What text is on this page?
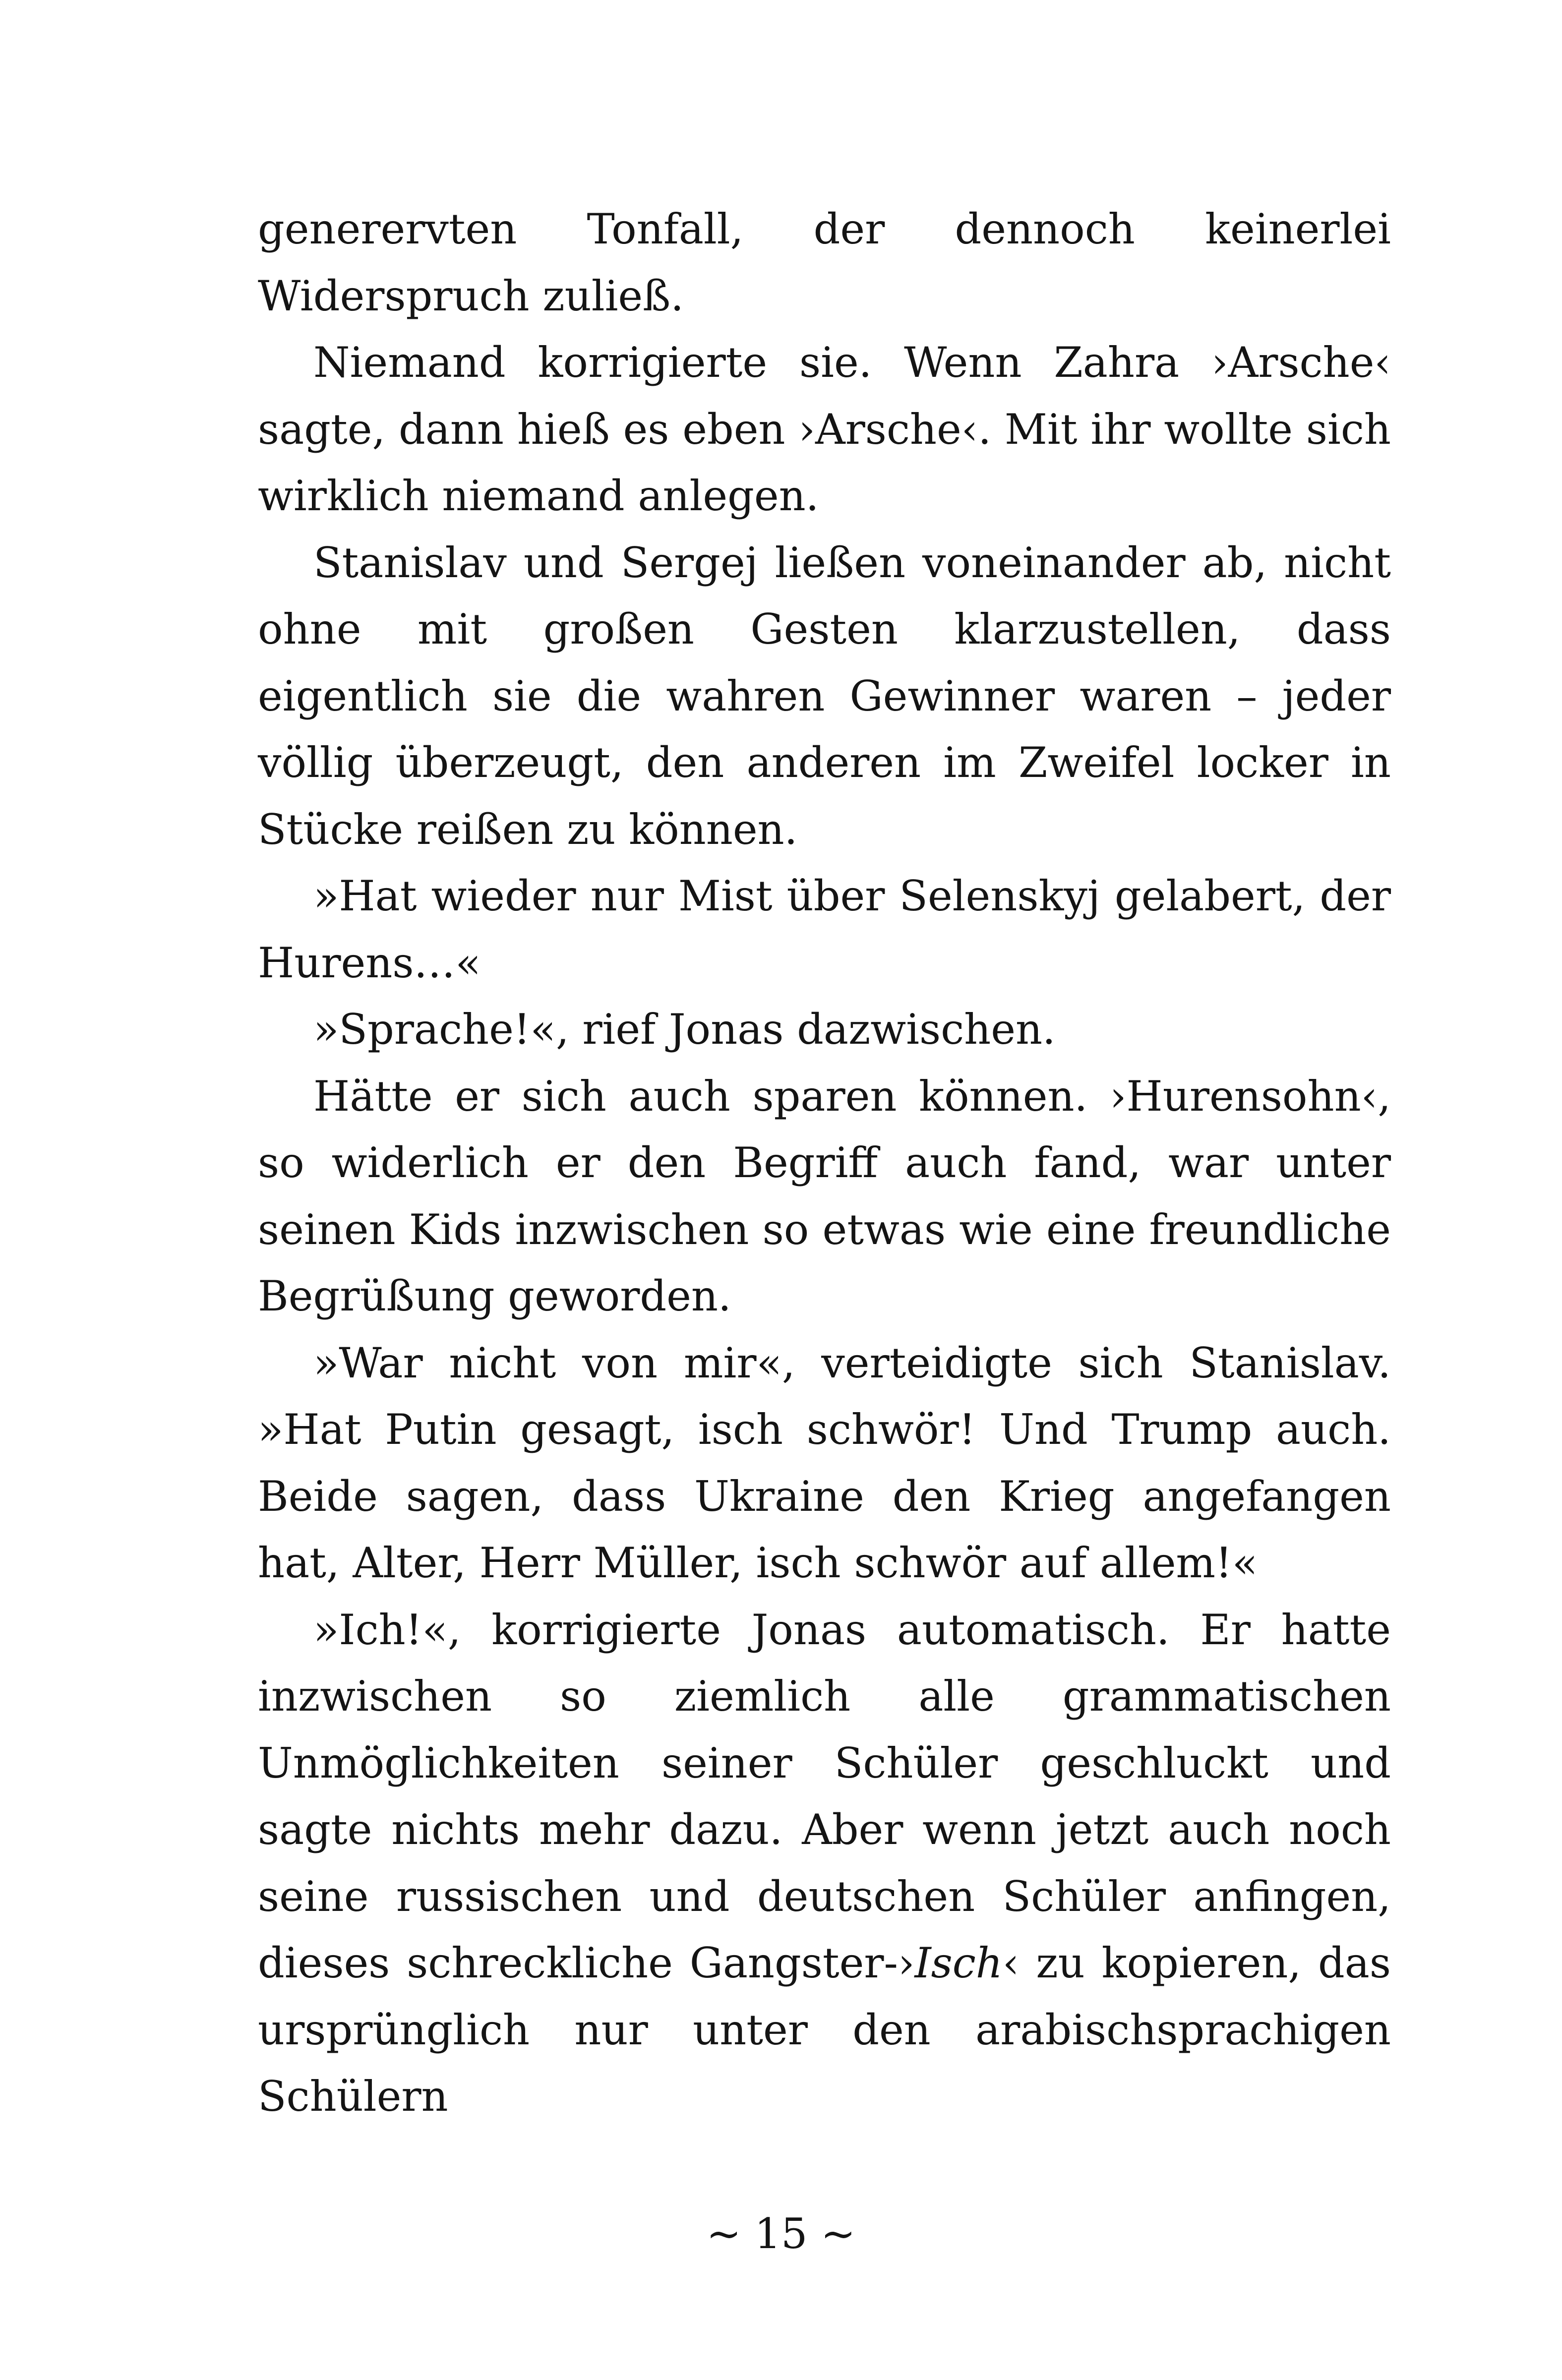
generervten Tonfall, der dennoch keinerlei Widerspruch zuließ.

Niemand korrigierte sie. Wenn Zahra ›Arsche‹ sagte, dann hieß es eben ›Arsche‹. Mit ihr wollte sich wirklich niemand anlegen.

Stanislav und Sergej ließen voneinander ab, nicht ohne mit großen Gesten klarzustellen, dass eigentlich sie die wahren Gewinner waren – jeder völlig überzeugt, den anderen im Zweifel locker in Stücke reißen zu können.

»Hat wieder nur Mist über Selenskyj gelabert, der Hurens…«

»Sprache!«, rief Jonas dazwischen.

Hätte er sich auch sparen können. ›Hurensohn‹, so widerlich er den Begriff auch fand, war unter seinen Kids inzwischen so etwas wie eine freundliche Begrüßung geworden.

»War nicht von mir«, verteidigte sich Stanislav. »Hat Putin gesagt, isch schwör! Und Trump auch. Beide sagen, dass Ukraine den Krieg angefangen hat, Alter, Herr Müller, isch schwör auf allem!«

»Ich!«, korrigierte Jonas automatisch. Er hatte inzwischen so ziemlich alle grammatischen Unmöglichkeiten seiner Schüler geschluckt und sagte nichts mehr dazu. Aber wenn jetzt auch noch seine russischen und deutschen Schüler anfingen, dieses schreckliche Gangster-›Isch‹ zu kopieren, das ursprünglich nur unter den arabischsprachigen Schülern

~ 15 ~
